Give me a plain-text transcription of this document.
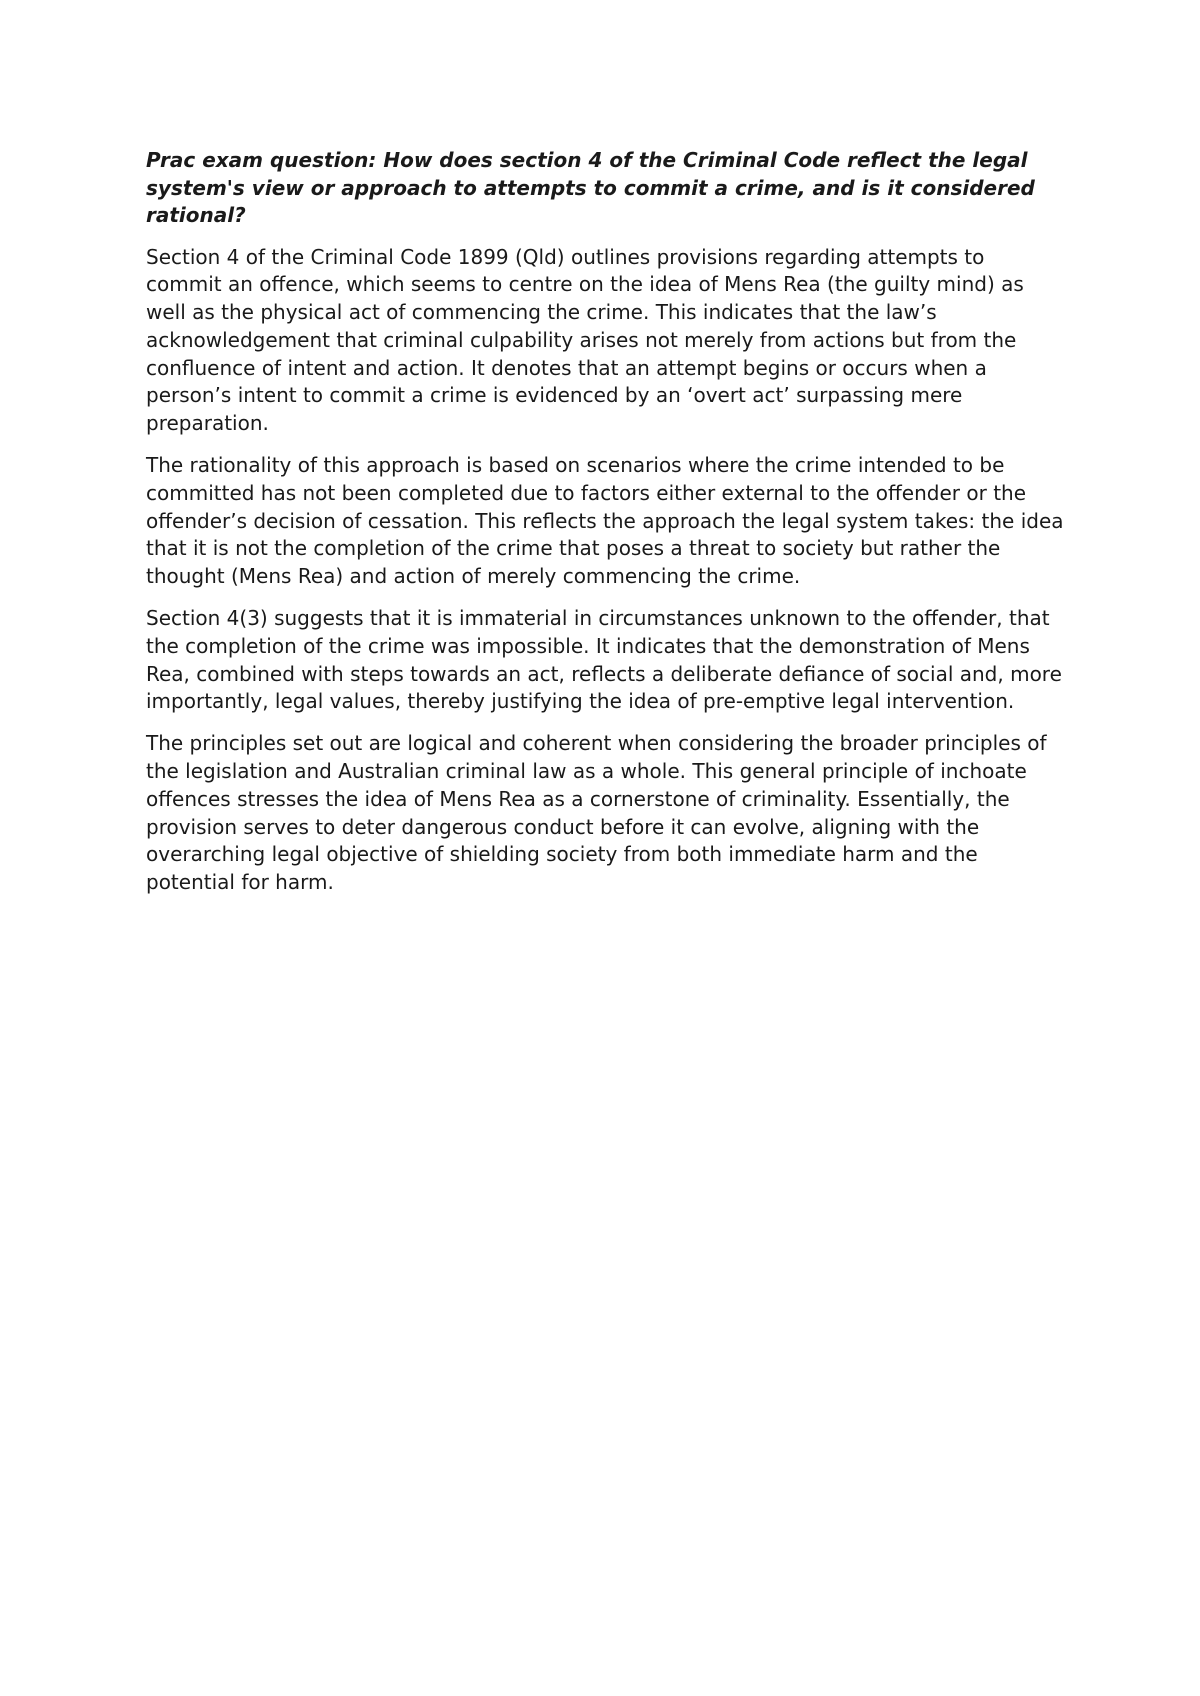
Prac exam question: How does section 4 of the Criminal Code reflect the legal system's view or approach to attempts to commit a crime, and is it considered rational?

Section 4 of the Criminal Code 1899 (Qld) outlines provisions regarding attempts to commit an offence, which seems to centre on the idea of Mens Rea (the guilty mind) as well as the physical act of commencing the crime. This indicates that the law’s acknowledgement that criminal culpability arises not merely from actions but from the confluence of intent and action. It denotes that an attempt begins or occurs when a person’s intent to commit a crime is evidenced by an ‘overt act’ surpassing mere preparation.

The rationality of this approach is based on scenarios where the crime intended to be committed has not been completed due to factors either external to the offender or the offender’s decision of cessation. This reflects the approach the legal system takes: the idea that it is not the completion of the crime that poses a threat to society but rather the thought (Mens Rea) and action of merely commencing the crime.

Section 4(3) suggests that it is immaterial in circumstances unknown to the offender, that the completion of the crime was impossible. It indicates that the demonstration of Mens Rea, combined with steps towards an act, reflects a deliberate defiance of social and, more importantly, legal values, thereby justifying the idea of pre-emptive legal intervention.

The principles set out are logical and coherent when considering the broader principles of the legislation and Australian criminal law as a whole. This general principle of inchoate offences stresses the idea of Mens Rea as a cornerstone of criminality. Essentially, the provision serves to deter dangerous conduct before it can evolve, aligning with the overarching legal objective of shielding society from both immediate harm and the potential for harm.
